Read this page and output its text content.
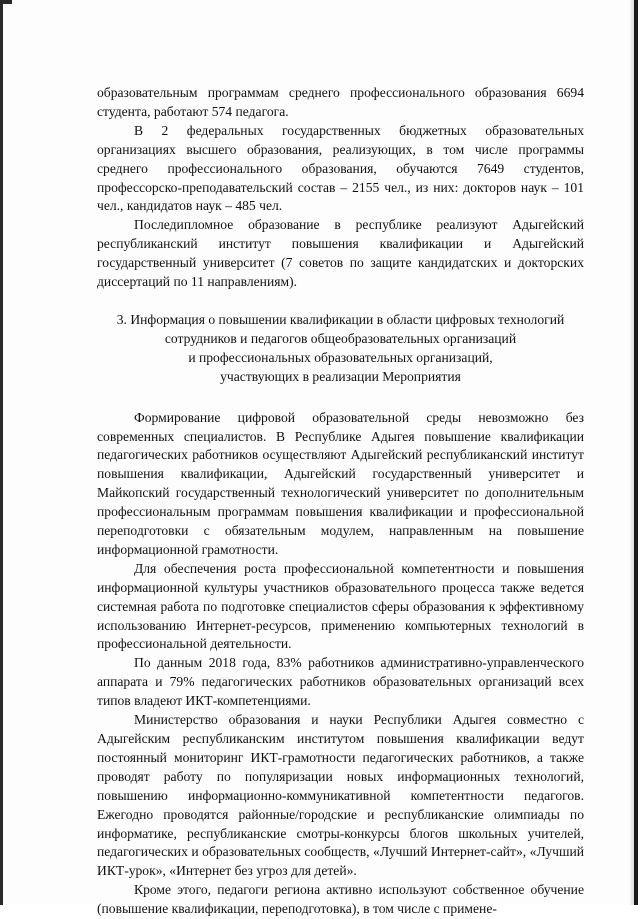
образовательным программам среднего профессионального образования 6694 студента, работают 574 педагога.

В 2 федеральных государственных бюджетных образовательных организациях высшего образования, реализующих, в том числе программы среднего профессионального образования, обучаются 7649 студентов, профессорско-преподавательский состав – 2155 чел., из них: докторов наук – 101 чел., кандидатов наук – 485 чел.

Последипломное образование в республике реализуют Адыгейский республиканский институт повышения квалификации и Адыгейский государственный университет (7 советов по защите кандидатских и докторских диссертаций по 11 направлениям).

3. Информация о повышении квалификации в области цифровых технологий
сотрудников и педагогов общеобразовательных организаций
и профессиональных образовательных организаций,
участвующих в реализации Мероприятия

Формирование цифровой образовательной среды невозможно без современных специалистов. В Республике Адыгея повышение квалификации педагогических работников осуществляют Адыгейский республиканский институт повышения квалификации, Адыгейский государственный университет и Майкопский государственный технологический университет по дополнительным профессиональным программам повышения квалификации и профессиональной переподготовки с обязательным модулем, направленным на повышение информационной грамотности.

Для обеспечения роста профессиональной компетентности и повышения информационной культуры участников образовательного процесса также ведется системная работа по подготовке специалистов сферы образования к эффективному использованию Интернет-ресурсов, применению компьютерных технологий в профессиональной деятельности.

По данным 2018 года, 83% работников административно-управленческого аппарата и 79% педагогических работников образовательных организаций всех типов владеют ИКТ-компетенциями.

Министерство образования и науки Республики Адыгея совместно с Адыгейским республиканским институтом повышения квалификации ведут постоянный мониторинг ИКТ-грамотности педагогических работников, а также проводят работу по популяризации новых информационных технологий, повышению информационно-коммуникативной компетентности педагогов. Ежегодно проводятся районные/городские и республиканские олимпиады по информатике, республиканские смотры-конкурсы блогов школьных учителей, педагогических и образовательных сообществ, «Лучший Интернет-сайт», «Лучший ИКТ-урок», «Интернет без угроз для детей».

Кроме этого, педагоги региона активно используют собственное обучение (повышение квалификации, переподготовка), в том числе с примене-
